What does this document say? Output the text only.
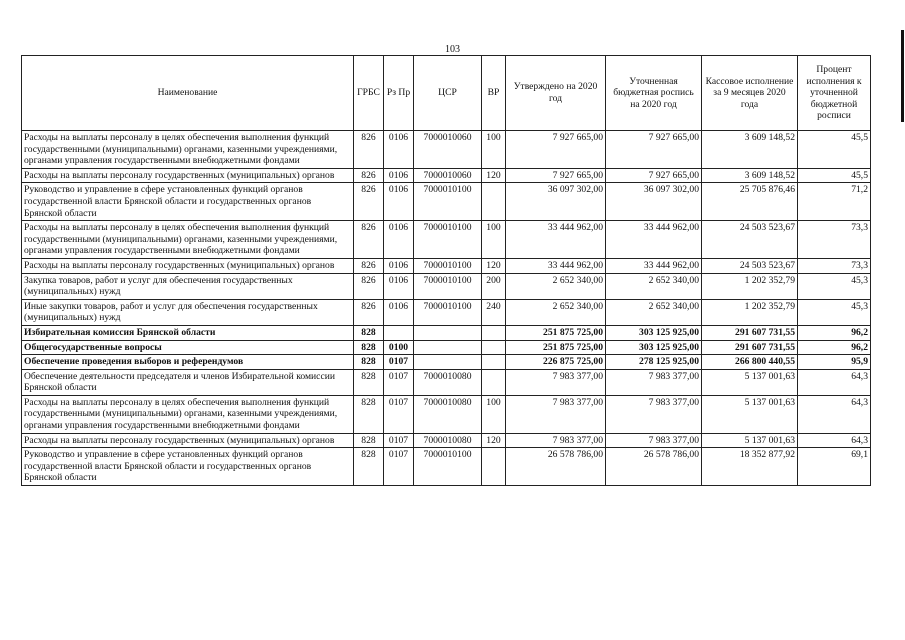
103
Наименование	ГРБС	Рз Пр	ЦСР	ВР	Утверждено на 2020 год	Уточненная бюджетная роспись на 2020 год	Кассовое исполнение за 9 месяцев 2020 года	Процент исполнения к уточненной бюджетной росписи
Расходы на выплаты персоналу в целях обеспечения выполнения функций государственными (муниципальными) органами, казенными учреждениями, органами управления государственными внебюджетными фондами	826	0106	7000010060	100	7 927 665,00	7 927 665,00	3 609 148,52	45,5
Расходы на выплаты персоналу государственных (муниципальных) органов	826	0106	7000010060	120	7 927 665,00	7 927 665,00	3 609 148,52	45,5
Руководство и управление в сфере установленных функций органов государственной власти Брянской области и государственных органов Брянской области	826	0106	7000010100		36 097 302,00	36 097 302,00	25 705 876,46	71,2
Расходы на выплаты персоналу в целях обеспечения выполнения функций государственными (муниципальными) органами, казенными учреждениями, органами управления государственными внебюджетными фондами	826	0106	7000010100	100	33 444 962,00	33 444 962,00	24 503 523,67	73,3
Расходы на выплаты персоналу государственных (муниципальных) органов	826	0106	7000010100	120	33 444 962,00	33 444 962,00	24 503 523,67	73,3
Закупка товаров, работ и услуг для обеспечения государственных (муниципальных) нужд	826	0106	7000010100	200	2 652 340,00	2 652 340,00	1 202 352,79	45,3
Иные закупки товаров, работ и услуг для обеспечения государственных (муниципальных) нужд	826	0106	7000010100	240	2 652 340,00	2 652 340,00	1 202 352,79	45,3
Избирательная комиссия Брянской области	828				251 875 725,00	303 125 925,00	291 607 731,55	96,2
Общегосударственные вопросы	828	0100			251 875 725,00	303 125 925,00	291 607 731,55	96,2
Обеспечение проведения выборов и референдумов	828	0107			226 875 725,00	278 125 925,00	266 800 440,55	95,9
Обеспечение деятельности председателя и членов Избирательной комиссии Брянской области	828	0107	7000010080		7 983 377,00	7 983 377,00	5 137 001,63	64,3
Расходы на выплаты персоналу в целях обеспечения выполнения функций государственными (муниципальными) органами, казенными учреждениями, органами управления государственными внебюджетными фондами	828	0107	7000010080	100	7 983 377,00	7 983 377,00	5 137 001,63	64,3
Расходы на выплаты персоналу государственных (муниципальных) органов	828	0107	7000010080	120	7 983 377,00	7 983 377,00	5 137 001,63	64,3
Руководство и управление в сфере установленных функций органов государственной власти Брянской области и государственных органов Брянской области	828	0107	7000010100		26 578 786,00	26 578 786,00	18 352 877,92	69,1
